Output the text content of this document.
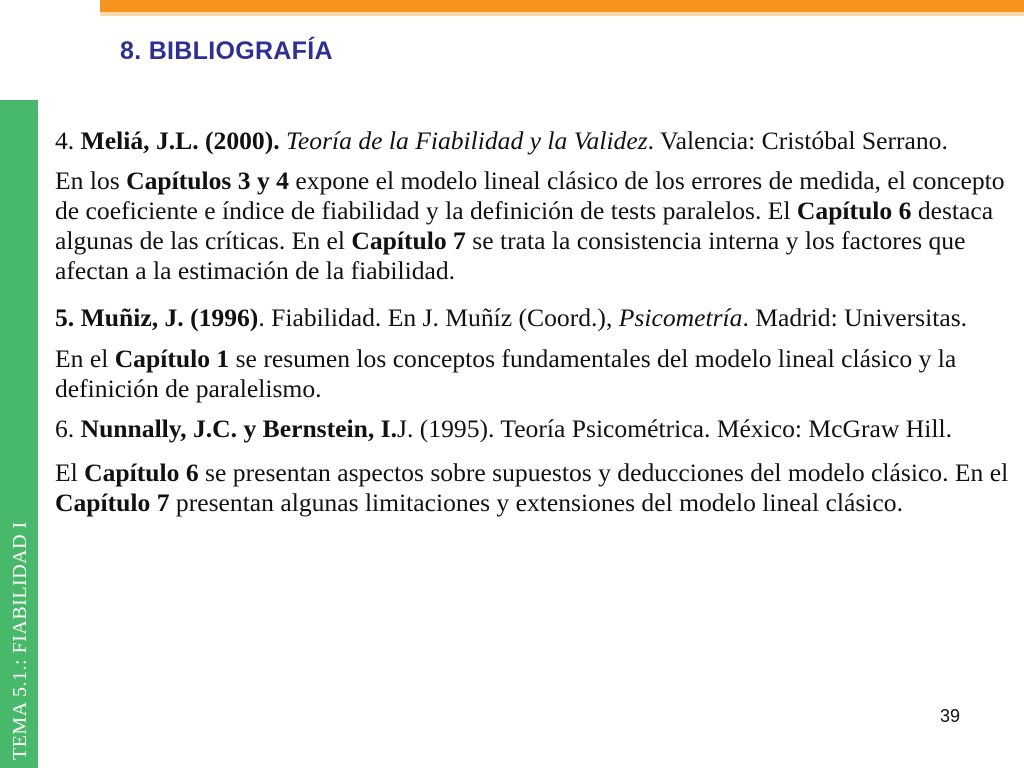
8. BIBLIOGRAFÍA
TEMA 5.1.: FIABILIDAD I

4. Meliá, J.L. (2000). Teoría de la Fiabilidad y la Validez. Valencia: Cristóbal Serrano.

En los Capítulos 3 y 4 expone el modelo lineal clásico de los errores de medida, el concepto de coeficiente e índice de fiabilidad y la definición de tests paralelos. El Capítulo 6 destaca algunas de las críticas. En el Capítulo 7 se trata la consistencia interna y los factores que afectan a la estimación de la fiabilidad.

5. Muñiz, J. (1996). Fiabilidad. En J. Muñíz (Coord.), Psicometría. Madrid: Universitas.

En el Capítulo 1 se resumen los conceptos fundamentales del modelo lineal clásico y la definición de paralelismo.

6. Nunnally, J.C. y Bernstein, I.J. (1995). Teoría Psicométrica. México: McGraw Hill.

El Capítulo 6 se presentan aspectos sobre supuestos y deducciones del modelo clásico. En el Capítulo 7 presentan algunas limitaciones y extensiones del modelo lineal clásico.

39
